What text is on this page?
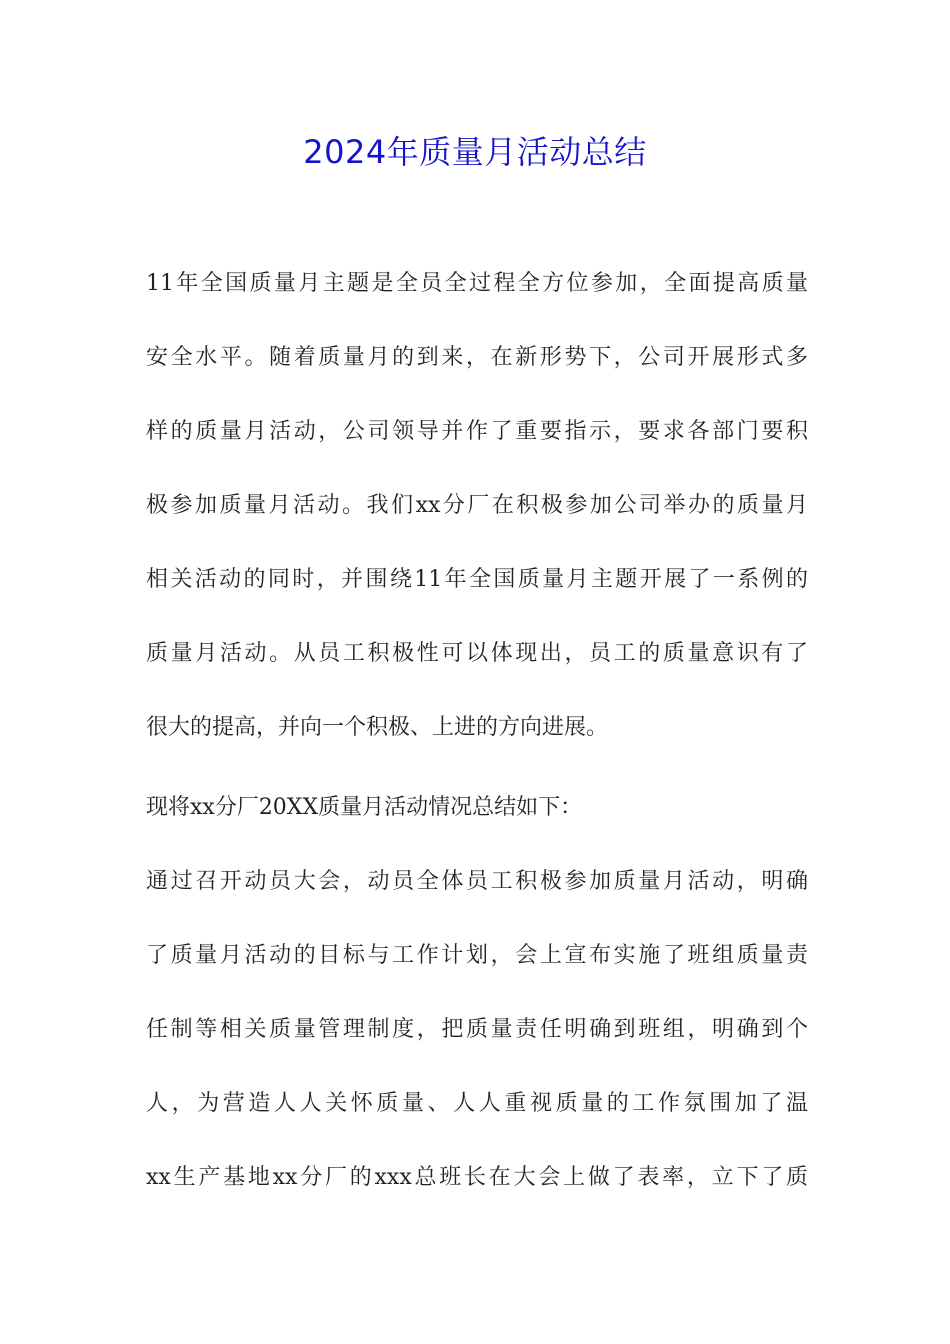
2024年质量月活动总结
11年全国质量月主题是全员全过程全方位参加，全面提高质量
安全水平。随着质量月的到来，在新形势下，公司开展形式多
样的质量月活动，公司领导并作了重要指示，要求各部门要积
极参加质量月活动。我们xx分厂在积极参加公司举办的质量月
相关活动的同时，并围绕11年全国质量月主题开展了一系例的
质量月活动。从员工积极性可以体现出，员工的质量意识有了
很大的提高，并向一个积极、上进的方向进展。
现将xx分厂20XX质量月活动情况总结如下：
通过召开动员大会，动员全体员工积极参加质量月活动，明确
了质量月活动的目标与工作计划，会上宣布实施了班组质量责
任制等相关质量管理制度，把质量责任明确到班组，明确到个
人，为营造人人关怀质量、人人重视质量的工作氛围加了温
xx生产基地xx分厂的xxx总班长在大会上做了表率，立下了质
